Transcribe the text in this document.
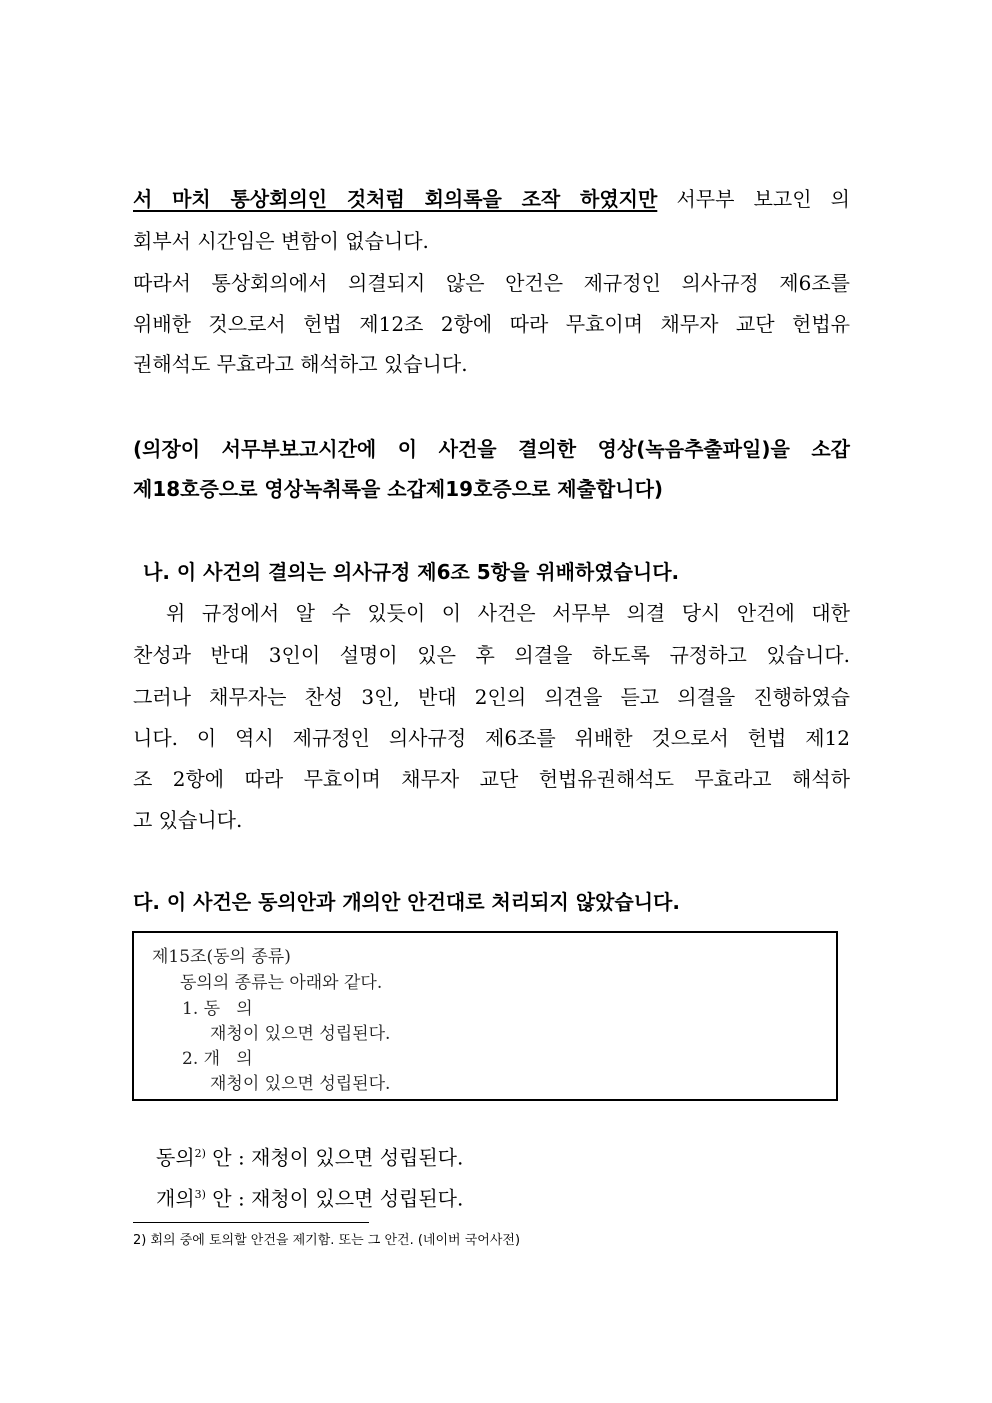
서 마치 통상회의인 것처럼 회의록을 조작 하였지만 서무부 보고인 의
회부서 시간임은 변함이 없습니다.
따라서 통상회의에서 의결되지 않은 안건은 제규정인 의사규정 제6조를
위배한 것으로서 헌법 제12조 2항에 따라 무효이며 채무자 교단 헌법유
권해석도 무효라고 해석하고 있습니다.
(의장이 서무부보고시간에 이 사건을 결의한 영상(녹음추출파일)을 소갑
제18호증으로 영상녹취록을 소갑제19호증으로 제출합니다)
나. 이 사건의 결의는 의사규정 제6조 5항을 위배하였습니다.
위 규정에서 알 수 있듯이 이 사건은 서무부 의결 당시 안건에 대한
찬성과 반대 3인이 설명이 있은 후 의결을 하도록 규정하고 있습니다.
그러나 채무자는 찬성 3인, 반대 2인의 의견을 듣고 의결을 진행하였습
니다. 이 역시 제규정인 의사규정 제6조를 위배한 것으로서 헌법 제12
조 2항에 따라 무효이며 채무자 교단 헌법유권해석도 무효라고 해석하
고 있습니다.
다. 이 사건은 동의안과 개의안 안건대로 처리되지 않았습니다.
제15조(동의 종류)
동의의 종류는 아래와 같다.
1. 동   의
재청이 있으면 성립된다.
2. 개   의
재청이 있으면 성립된다.
동의$^{2)}$ 안 : 재청이 있으면 성립된다.
개의$^{3)}$ 안 : 재청이 있으면 성립된다.
2) 회의 중에 토의할 안건을 제기함. 또는 그 안건. (네이버 국어사전)
